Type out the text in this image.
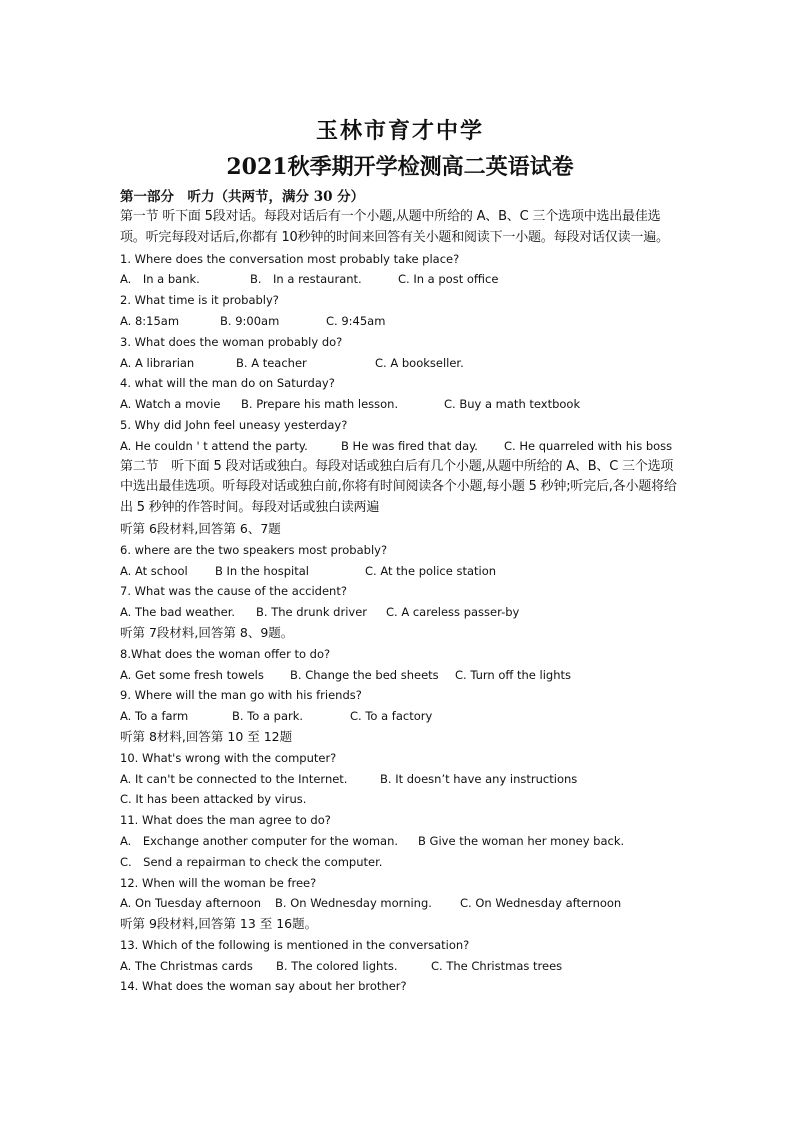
玉林市育才中学
2021秋季期开学检测高二英语试卷
第一部分　听力（共两节，满分 30 分）
第一节 听下面 5段对话。每段对话后有一个小题,从题中所给的 A、B、C 三个选项中选出最佳选项。听完每段对话后,你都有 10秒钟的时间来回答有关小题和阅读下一小题。每段对话仅读一遍。
1. Where does the conversation most probably take place?
A.　In a bank.	B.　In a restaurant.	C. In a post office
2. What time is it probably?
A. 8:15am	B. 9:00am	C. 9:45am
3. What does the woman probably do?
A. A librarian	B. A teacher	C. A bookseller.
4. what will the man do on Saturday?
A. Watch a movie B. Prepare his math lesson.	C. Buy a math textbook
5. Why did John feel uneasy yesterday?
A. He couldn ' t attend the party.	B He was fired that day. C. He quarreled with his boss
第二节　听下面 5 段对话或独白。每段对话或独白后有几个小题,从题中所给的 A、B、C 三个选项中选出最佳选项。听每段对话或独白前,你将有时间阅读各个小题,每小题 5 秒钟;听完后,各小题将给出 5 秒钟的作答时间。每段对话或独白读两遍
听第 6段材料,回答第 6、7题
6. where are the two speakers most probably?
A. At school B In the hospital	C. At the police station
7. What was the cause of the accident?
A. The bad weather. B. The drunk driver C. A careless passer-by
听第 7段材料,回答第 8、9题。
8.What does the woman offer to do?
A. Get some fresh towels B. Change the bed sheets C. Turn off the lights
9. Where will the man go with his friends?
A. To a farm	B. To a park.	C. To a factory
听第 8材料,回答第 10 至 12题
10. What's wrong with the computer?
A. It can't be connected to the Internet.	B. It doesn’t have any instructions
C. It has been attacked by virus.
11. What does the man agree to do?
A.　Exchange another computer for the woman. B Give the woman her money back.
C.　Send a repairman to check the computer.
12. When will the woman be free?
A. On Tuesday afternoon B. On Wednesday morning. C. On Wednesday afternoon
听第 9段材料,回答第 13 至 16题。
13. Which of the following is mentioned in the conversation?
A. The Christmas cards B. The colored lights.	C. The Christmas trees
14. What does the woman say about her brother?
